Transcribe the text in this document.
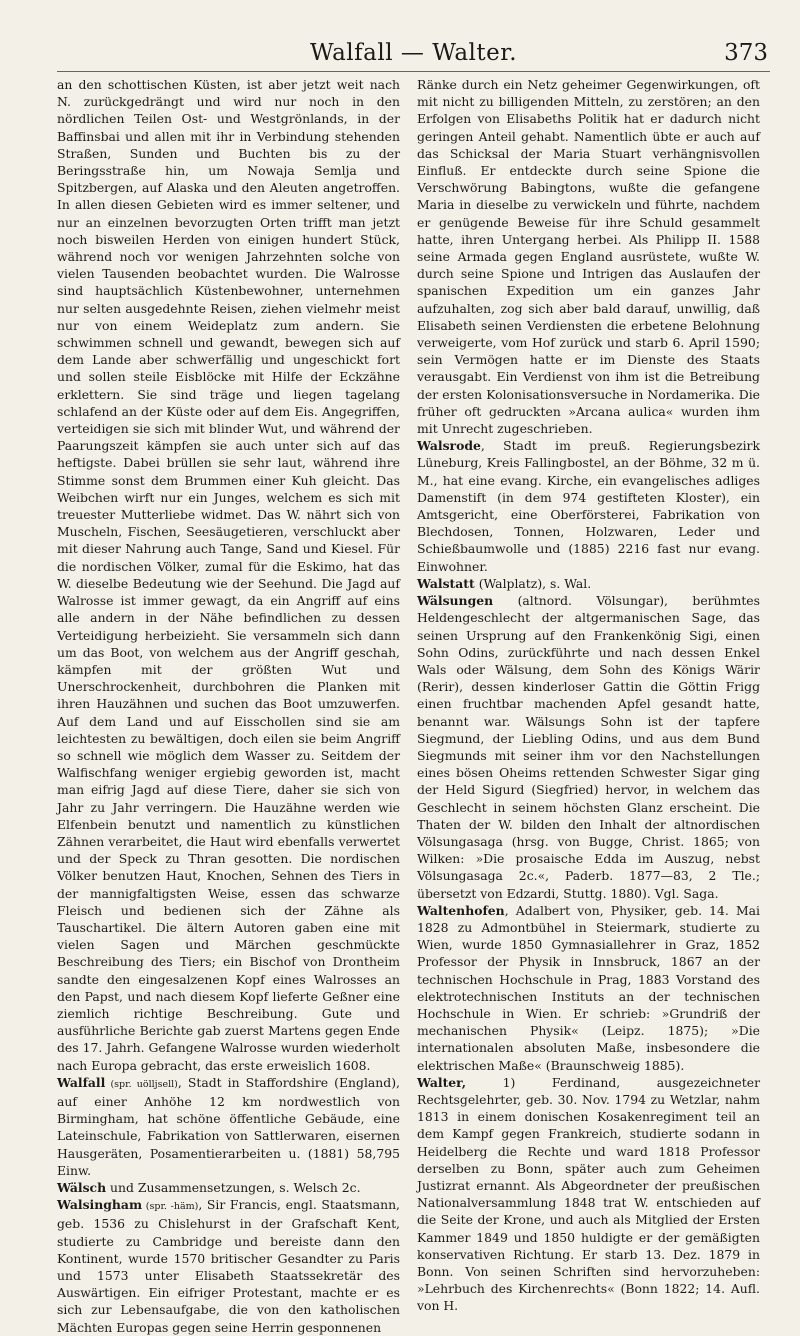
Walfall — Walter.	373

an den schottischen Küsten, ist aber jetzt weit nach N. zurückgedrängt und wird nur noch in den nördlichen Teilen Ost- und Westgrönlands, in der Baffinsbai und allen mit ihr in Verbindung stehenden Straßen, Sunden und Buchten bis zu der Beringsstraße hin, um Nowaja Semlja und Spitzbergen, auf Alaska und den Aleuten angetroffen. In allen diesen Gebieten wird es immer seltener, und nur an einzelnen bevorzugten Orten trifft man jetzt noch bisweilen Herden von einigen hundert Stück, während noch vor wenigen Jahrzehnten solche von vielen Tausenden beobachtet wurden. Die Walrosse sind hauptsächlich Küstenbewohner, unternehmen nur selten ausgedehnte Reisen, ziehen vielmehr meist nur von einem Weideplatz zum andern. Sie schwimmen schnell und gewandt, bewegen sich auf dem Lande aber schwerfällig und ungeschickt fort und sollen steile Eisblöcke mit Hilfe der Eckzähne erklettern. Sie sind träge und liegen tagelang schlafend an der Küste oder auf dem Eis. Angegriffen, verteidigen sie sich mit blinder Wut, und während der Paarungszeit kämpfen sie auch unter sich auf das heftigste. Dabei brüllen sie sehr laut, während ihre Stimme sonst dem Brummen einer Kuh gleicht. Das Weibchen wirft nur ein Junges, welchem es sich mit treuester Mutterliebe widmet. Das W. nährt sich von Muscheln, Fischen, Seesäugetieren, verschluckt aber mit dieser Nahrung auch Tange, Sand und Kiesel. Für die nordischen Völker, zumal für die Eskimo, hat das W. dieselbe Bedeutung wie der Seehund. Die Jagd auf Walrosse ist immer gewagt, da ein Angriff auf eins alle andern in der Nähe befindlichen zu dessen Verteidigung herbeizieht. Sie versammeln sich dann um das Boot, von welchem aus der Angriff geschah, kämpfen mit der größten Wut und Unerschrockenheit, durchbohren die Planken mit ihren Hauzähnen und suchen das Boot umzuwerfen. Auf dem Land und auf Eisschollen sind sie am leichtesten zu bewältigen, doch eilen sie beim Angriff so schnell wie möglich dem Wasser zu. Seitdem der Walfischfang weniger ergiebig geworden ist, macht man eifrig Jagd auf diese Tiere, daher sie sich von Jahr zu Jahr verringern. Die Hauzähne werden wie Elfenbein benutzt und namentlich zu künstlichen Zähnen verarbeitet, die Haut wird ebenfalls verwertet und der Speck zu Thran gesotten. Die nordischen Völker benutzen Haut, Knochen, Sehnen des Tiers in der mannigfaltigsten Weise, essen das schwarze Fleisch und bedienen sich der Zähne als Tauschartikel. Die ältern Autoren gaben eine mit vielen Sagen und Märchen geschmückte Beschreibung des Tiers; ein Bischof von Drontheim sandte den eingesalzenen Kopf eines Walrosses an den Papst, und nach diesem Kopf lieferte Geßner eine ziemlich richtige Beschreibung. Gute und ausführliche Berichte gab zuerst Martens gegen Ende des 17. Jahrh. Gefangene Walrosse wurden wiederholt nach Europa gebracht, das erste erweislich 1608.

Walfall (spr. uölljsell), Stadt in Staffordshire (England), auf einer Anhöhe 12 km nordwestlich von Birmingham, hat schöne öffentliche Gebäude, eine Lateinschule, Fabrikation von Sattlerwaren, eisernen Hausgeräten, Posamentierarbeiten u. (1881) 58,795 Einw.

Wälsch und Zusammensetzungen, s. Welsch 2c.

Walsingham (spr. -häm), Sir Francis, engl. Staatsmann, geb. 1536 zu Chislehurst in der Grafschaft Kent, studierte zu Cambridge und bereiste dann den Kontinent, wurde 1570 britischer Gesandter zu Paris und 1573 unter Elisabeth Staatssekretär des Auswärtigen. Ein eifriger Protestant, machte er es sich zur Lebensaufgabe, die von den katholischen Mächten Europas gegen seine Herrin gesponnenen

Ränke durch ein Netz geheimer Gegenwirkungen, oft mit nicht zu billigenden Mitteln, zu zerstören; an den Erfolgen von Elisabeths Politik hat er dadurch nicht geringen Anteil gehabt. Namentlich übte er auch auf das Schicksal der Maria Stuart verhängnisvollen Einfluß. Er entdeckte durch seine Spione die Verschwörung Babingtons, wußte die gefangene Maria in dieselbe zu verwickeln und führte, nachdem er genügende Beweise für ihre Schuld gesammelt hatte, ihren Untergang herbei. Als Philipp II. 1588 seine Armada gegen England ausrüstete, wußte W. durch seine Spione und Intrigen das Auslaufen der spanischen Expedition um ein ganzes Jahr aufzuhalten, zog sich aber bald darauf, unwillig, daß Elisabeth seinen Verdiensten die erbetene Belohnung verweigerte, vom Hof zurück und starb 6. April 1590; sein Vermögen hatte er im Dienste des Staats verausgabt. Ein Verdienst von ihm ist die Betreibung der ersten Kolonisationsversuche in Nordamerika. Die früher oft gedruckten »Arcana aulica« wurden ihm mit Unrecht zugeschrieben.

Walsrode, Stadt im preuß. Regierungsbezirk Lüneburg, Kreis Fallingbostel, an der Böhme, 32 m ü. M., hat eine evang. Kirche, ein evangelisches adliges Damenstift (in dem 974 gestifteten Kloster), ein Amtsgericht, eine Oberförsterei, Fabrikation von Blechdosen, Tonnen, Holzwaren, Leder und Schießbaumwolle und (1885) 2216 fast nur evang. Einwohner.

Walstatt (Walplatz), s. Wal.

Wälsungen (altnord. Völsungar), berühmtes Heldengeschlecht der altgermanischen Sage, das seinen Ursprung auf den Frankenkönig Sigi, einen Sohn Odins, zurückführte und nach dessen Enkel Wals oder Wälsung, dem Sohn des Königs Wärir (Rerir), dessen kinderloser Gattin die Göttin Frigg einen fruchtbar machenden Apfel gesandt hatte, benannt war. Wälsungs Sohn ist der tapfere Siegmund, der Liebling Odins, und aus dem Bund Siegmunds mit seiner ihm vor den Nachstellungen eines bösen Oheims rettenden Schwester Sigar ging der Held Sigurd (Siegfried) hervor, in welchem das Geschlecht in seinem höchsten Glanz erscheint. Die Thaten der W. bilden den Inhalt der altnordischen Völsungasaga (hrsg. von Bugge, Christ. 1865; von Wilken: »Die prosaische Edda im Auszug, nebst Völsungasaga 2c.«, Paderb. 1877—83, 2 Tle.; übersetzt von Edzardi, Stuttg. 1880). Vgl. Saga.

Waltenhofen, Adalbert von, Physiker, geb. 14. Mai 1828 zu Admontbühel in Steiermark, studierte zu Wien, wurde 1850 Gymnasiallehrer in Graz, 1852 Professor der Physik in Innsbruck, 1867 an der technischen Hochschule in Prag, 1883 Vorstand des elektrotechnischen Instituts an der technischen Hochschule in Wien. Er schrieb: »Grundriß der mechanischen Physik« (Leipz. 1875); »Die internationalen absoluten Maße, insbesondere die elektrischen Maße« (Braunschweig 1885).

Walter, 1) Ferdinand, ausgezeichneter Rechtsgelehrter, geb. 30. Nov. 1794 zu Wetzlar, nahm 1813 in einem donischen Kosakenregiment teil an dem Kampf gegen Frankreich, studierte sodann in Heidelberg die Rechte und ward 1818 Professor derselben zu Bonn, später auch zum Geheimen Justizrat ernannt. Als Abgeordneter der preußischen Nationalversammlung 1848 trat W. entschieden auf die Seite der Krone, und auch als Mitglied der Ersten Kammer 1849 und 1850 huldigte er der gemäßigten konservativen Richtung. Er starb 13. Dez. 1879 in Bonn. Von seinen Schriften sind hervorzuheben: »Lehrbuch des Kirchenrechts« (Bonn 1822; 14. Aufl. von H.
